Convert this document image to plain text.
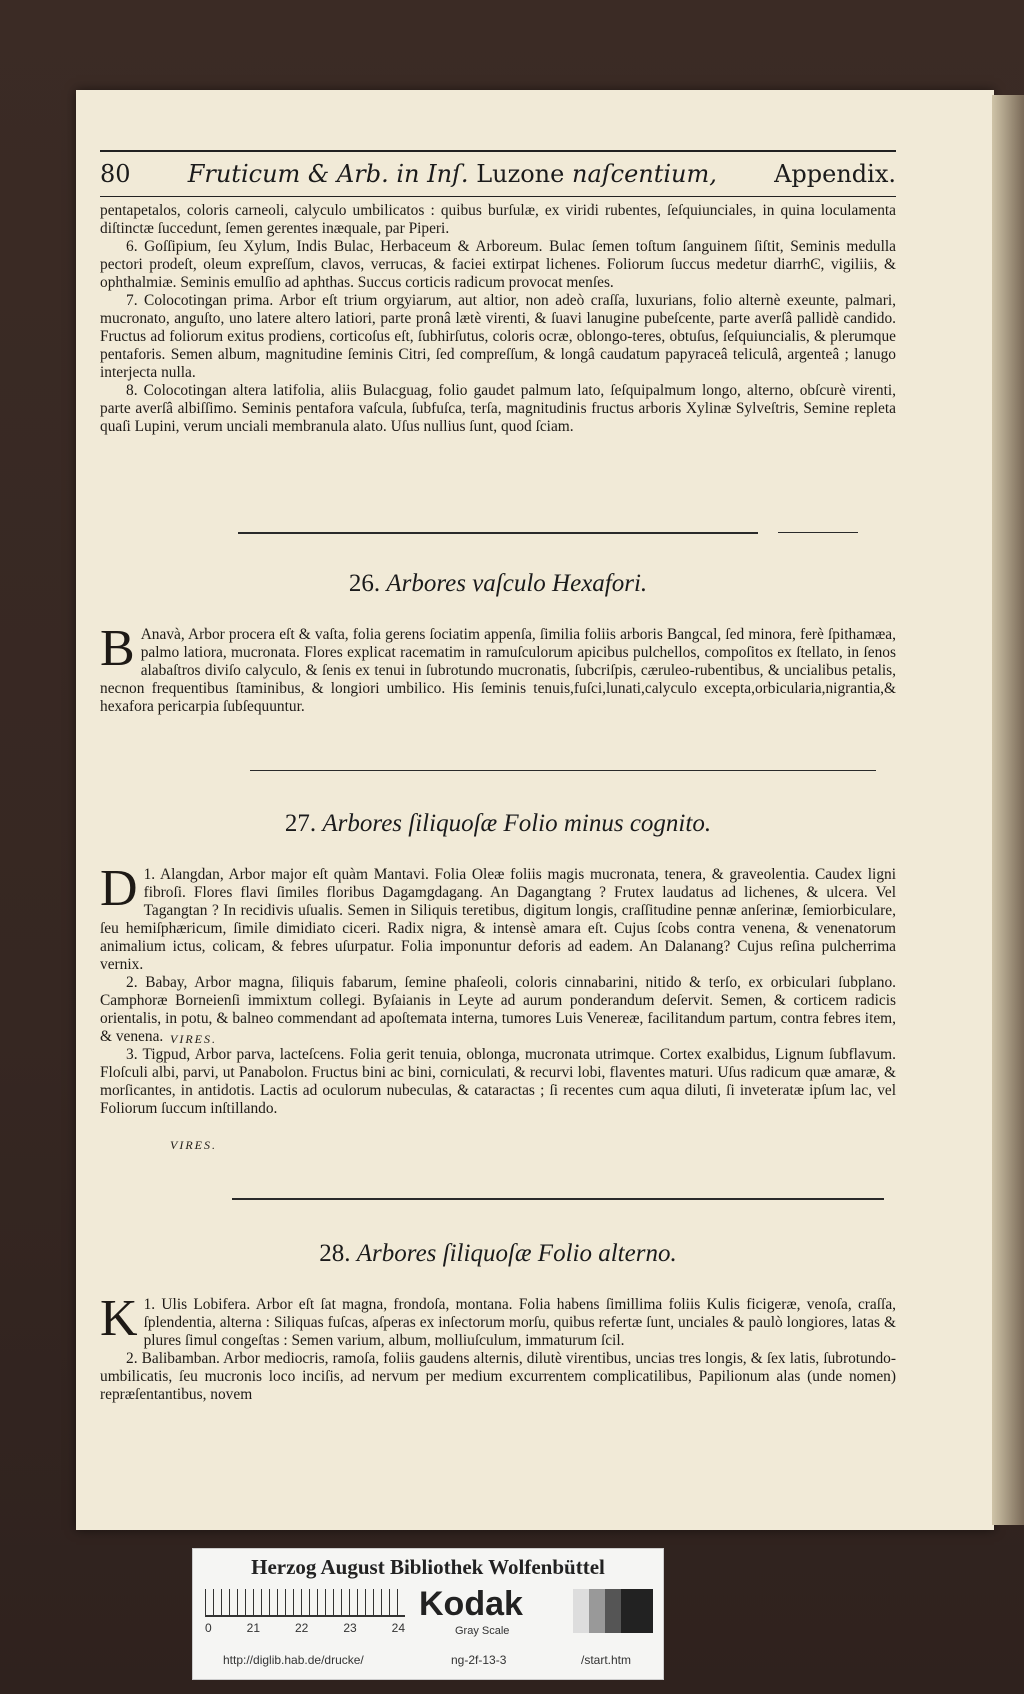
80 Fruticum & Arb. in Inſ. Luzone naſcentium, Appendix.

pentapetalos, coloris carneoli, calyculo umbilicatos : quibus burſulæ, ex viridi rubentes, ſeſquiunciales, in quina loculamenta diſtinctæ ſuccedunt, ſemen gerentes inæquale, par Piperi.

6. Goſſipium, ſeu Xylum, Indis Bulac, Herbaceum & Arboreum. Bulac ſemen toſtum ſanguinem ſiſtit, Seminis medulla pectori prodeſt, oleum expreſſum, clavos, verrucas, & faciei extirpat lichenes. Foliorum ſuccus medetur diarrhϾ, vigiliis, & ophthalmiæ. Seminis emulſio ad aphthas. Succus corticis radicum provocat menſes.

7. Colocotingan prima. Arbor eſt trium orgyiarum, aut altior, non adeò craſſa, luxurians, folio alternè exeunte, palmari, mucronato, anguſto, uno latere altero latiori, parte pronâ lætè virenti, & ſuavi lanugine pubeſcente, parte averſâ pallidè candido. Fructus ad foliorum exitus prodiens, corticoſus eſt, ſubhirſutus, coloris ocræ, oblongo-teres, obtuſus, ſeſquiuncialis, & plerumque pentaforis. Semen album, magnitudine ſeminis Citri, ſed compreſſum, & longâ caudatum papyraceâ teliculâ, argenteâ ; lanugo interjecta nulla.

8. Colocotingan altera latifolia, aliis Bulacguag, folio gaudet palmum lato, ſeſquipalmum longo, alterno, obſcurè virenti, parte averſâ albiſſimo. Seminis pentafora vaſcula, ſubfuſca, terſa, magnitudinis fructus arboris Xylinæ Sylveſtris, Semine repleta quaſi Lupini, verum unciali membranula alato. Uſus nullius ſunt, quod ſciam.

26. Arbores vaſculo Hexafori.
B Anavà, Arbor procera eſt & vaſta, folia gerens ſociatim appenſa, ſimilia foliis arboris Bangcal, ſed minora, ferè ſpithamæa, palmo latiora, mucronata. Flores explicat racematim in ramuſculorum apicibus pulchellos, compoſitos ex ſtellato, in ſenos alabaſtros diviſo calyculo, & ſenis ex tenui in ſubrotundo mucronatis, ſubcriſpis, cæruleo-rubentibus, & uncialibus petalis, necnon frequentibus ſtaminibus, & longiori umbilico. His ſeminis tenuis,fuſci,lunati,calyculo excepta,orbicularia,nigrantia,& hexafora pericarpia ſubſequuntur.

27. Arbores ſiliquoſæ Folio minus cognito.
D 1. Alangdan, Arbor major eſt quàm Mantavi. Folia Oleæ foliis magis mucronata, tenera, & graveolentia. Caudex ligni fibroſi. Flores flavi ſimiles floribus Dagamgdagang. An Dagangtang ? Frutex laudatus ad lichenes, & ulcera. Vel Tagangtan ? In recidivis uſualis. Semen in Siliquis teretibus, digitum longis, craſſitudine pennæ anſerinæ, ſemiorbiculare, ſeu hemiſphæricum, ſimile dimidiato ciceri. Radix nigra, & intensè amara eſt. Cujus ſcobs contra venena, & venenatorum animalium ictus, colicam, & febres uſurpatur. Folia imponuntur deforis ad eadem. An Dalanang? Cujus reſina pulcherrima vernix.

2. Babay, Arbor magna, ſiliquis fabarum, ſemine phaſeoli, coloris cinnabarini, nitido & terſo, ex orbiculari ſubplano. Camphoræ Borneienſi immixtum collegi. Byſaianis in Leyte ad aurum ponderandum deſervit. Semen, & corticem radicis orientalis, in potu, & balneo commendant ad apoſtemata interna, tumores Luis Venereæ, facilitandum partum, contra febres item, & venena.

3. Tigpud, Arbor parva, lacteſcens. Folia gerit tenuia, oblonga, mucronata utrimque. Cortex exalbidus, Lignum ſubflavum. Floſculi albi, parvi, ut Panabolon. Fructus bini ac bini, corniculati, & recurvi lobi, flaventes maturi. Uſus radicum quæ amaræ, & morſicantes, in antidotis. Lactis ad oculorum nubeculas, & cataractas ; ſi recentes cum aqua diluti, ſi inveteratæ ipſum lac, vel Foliorum ſuccum inſtillando.

VIRES.
VIRES.
28. Arbores ſiliquoſæ Folio alterno.
K 1. Ulis Lobifera. Arbor eſt ſat magna, frondoſa, montana. Folia habens ſimillima foliis Kulis ficigeræ, venoſa, craſſa, ſplendentia, alterna : Siliquas fuſcas, aſperas ex inſectorum morſu, quibus refertæ ſunt, unciales & paulò longiores, latas & plures ſimul congeſtas : Semen varium, album, molliuſculum, immaturum ſcil.

2. Balibamban. Arbor mediocris, ramoſa, foliis gaudens alternis, dilutè virentibus, uncias tres longis, & ſex latis, ſubrotundo-umbilicatis, ſeu mucronis loco inciſis, ad nervum per medium excurrentem complicatilibus, Papilionum alas (unde nomen) repræſentantibus, novem

Herzog August Bibliothek Wolfenbüttel
0	21	22	23	24
Kodak
Gray Scale
http://diglib.hab.de/drucke/	ng-2f-13-3	/start.htm
